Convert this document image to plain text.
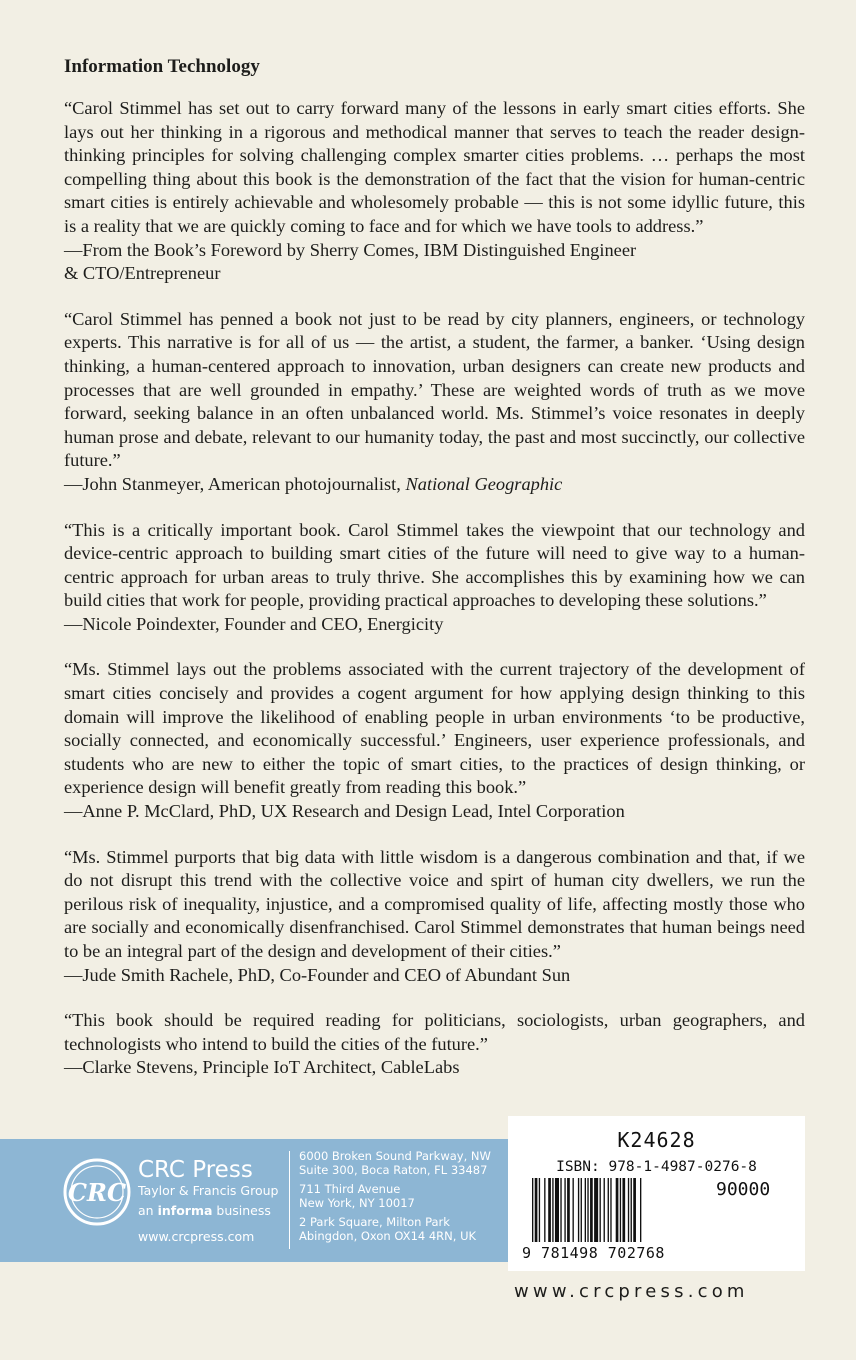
Information Technology

“Carol Stimmel has set out to carry forward many of the lessons in early smart cities efforts. She lays out her thinking in a rigorous and methodical manner that serves to teach the reader design-thinking principles for solving challenging complex smarter cities problems. … perhaps the most compelling thing about this book is the demonstration of the fact that the vision for human-centric smart cities is entirely achievable and wholesomely probable — this is not some idyllic future, this is a reality that we are quickly coming to face and for which we have tools to address.”

—From the Book’s Foreword by Sherry Comes, IBM Distinguished Engineer

& CTO/Entrepreneur

“Carol Stimmel has penned a book not just to be read by city planners, engineers, or technology experts. This narrative is for all of us — the artist, a student, the farmer, a banker. ‘Using design thinking, a human-centered approach to innovation, urban designers can create new products and processes that are well grounded in empathy.’ These are weighted words of truth as we move forward, seeking balance in an often unbalanced world. Ms. Stimmel’s voice resonates in deeply human prose and debate, relevant to our humanity today, the past and most succinctly, our collective future.”

—John Stanmeyer, American photojournalist, National Geographic

“This is a critically important book. Carol Stimmel takes the viewpoint that our technology and device-centric approach to building smart cities of the future will need to give way to a human-centric approach for urban areas to truly thrive. She accomplishes this by examining how we can build cities that work for people, providing practical approaches to developing these solutions.”

—Nicole Poindexter, Founder and CEO, Energicity

“Ms. Stimmel lays out the problems associated with the current trajectory of the development of smart cities concisely and provides a cogent argument for how applying design thinking to this domain will improve the likelihood of enabling people in urban environments ‘to be productive, socially connected, and economically successful.’ Engineers, user experience professionals, and students who are new to either the topic of smart cities, to the practices of design thinking, or experience design will benefit greatly from reading this book.”

—Anne P. McClard, PhD, UX Research and Design Lead, Intel Corporation

“Ms. Stimmel purports that big data with little wisdom is a dangerous combination and that, if we do not disrupt this trend with the collective voice and spirt of human city dwellers, we run the perilous risk of inequality, injustice, and a compromised quality of life, affecting mostly those who are socially and economically disenfranchised. Carol Stimmel demonstrates that human beings need to be an integral part of the design and development of their cities.”

—Jude Smith Rachele, PhD, Co-Founder and CEO of Abundant Sun

“This book should be required reading for politicians, sociologists, urban geographers, and technologists who intend to build the cities of the future.”

—Clarke Stevens, Principle IoT Architect, CableLabs

CRC
CRC Press
Taylor & Francis Group
an informa business
www.crcpress.com
6000 Broken Sound Parkway, NW
Suite 300, Boca Raton, FL 33487
711 Third Avenue
New York, NY 10017
2 Park Square, Milton Park
Abingdon, Oxon OX14 4RN, UK
K24628
ISBN: 978-1-4987-0276-8
90000
9 781498 702768
www.crcpress.com
